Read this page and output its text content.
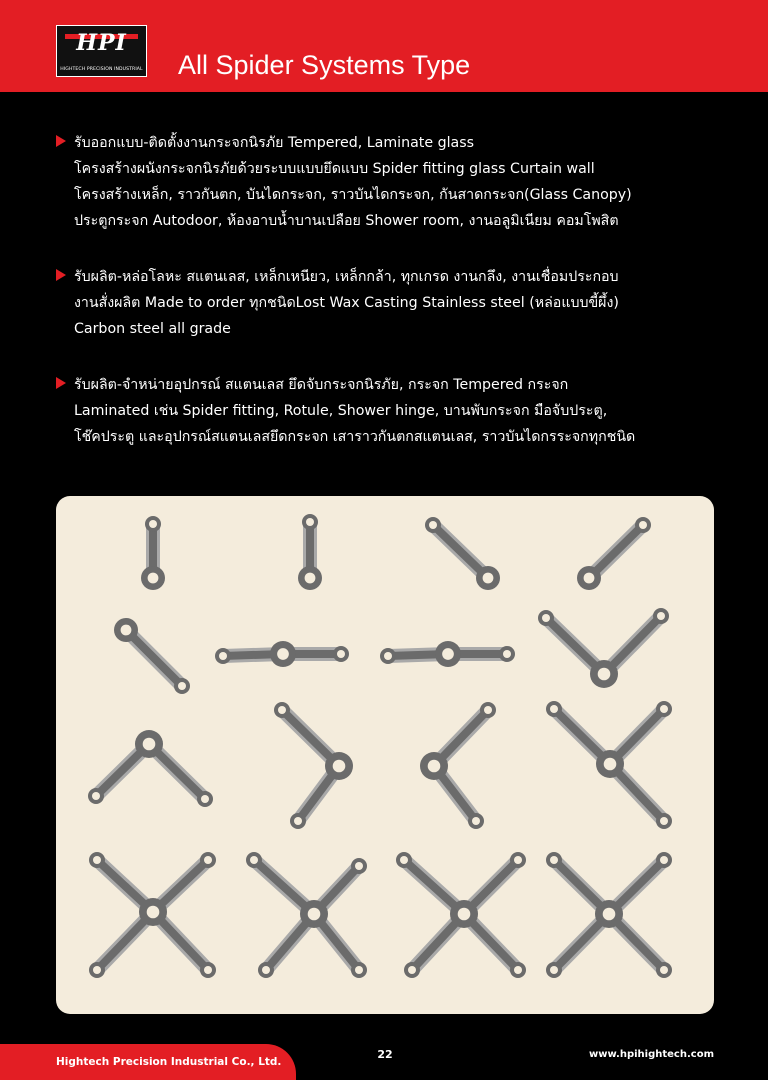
HPI
HIGHTECH PRECISION INDUSTRIAL All Spider Systems Type
รับออกแบบ-ติดตั้งงานกระจกนิรภัย Tempered, Laminate glass
โครงสร้างผนังกระจกนิรภัยด้วยระบบแบบยึดแบบ Spider fitting glass Curtain wall
โครงสร้างเหล็ก, ราวกันตก, บันไดกระจก, ราวบันไดกระจก, กันสาดกระจก(Glass Canopy)
ประตูกระจก Autodoor, ห้องอาบน้ำบานเปลือย Shower room, งานอลูมิเนียม คอมโพสิต
รับผลิต-หล่อโลหะ สแตนเลส, เหล็กเหนียว, เหล็กกล้า, ทุกเกรด งานกลึง, งานเชื่อมประกอบ
งานสั่งผลิต Made to order ทุกชนิดLost Wax Casting Stainless steel (หล่อแบบขี้ผึ้ง)
Carbon steel all grade
รับผลิต-จำหน่ายอุปกรณ์ สแตนเลส ยึดจับกระจกนิรภัย, กระจก Tempered กระจก
Laminated เช่น Spider fitting, Rotule, Shower hinge, บานพับกระจก มือจับประตู,
โช๊คประตู และอุปกรณ์สแตนเลสยึดกระจก เสาราวกันตกสแตนเลส, ราวบันไดกรระจกทุกชนิด
Hightech Precision Industrial Co., Ltd.
22	www.hpihightech.com
